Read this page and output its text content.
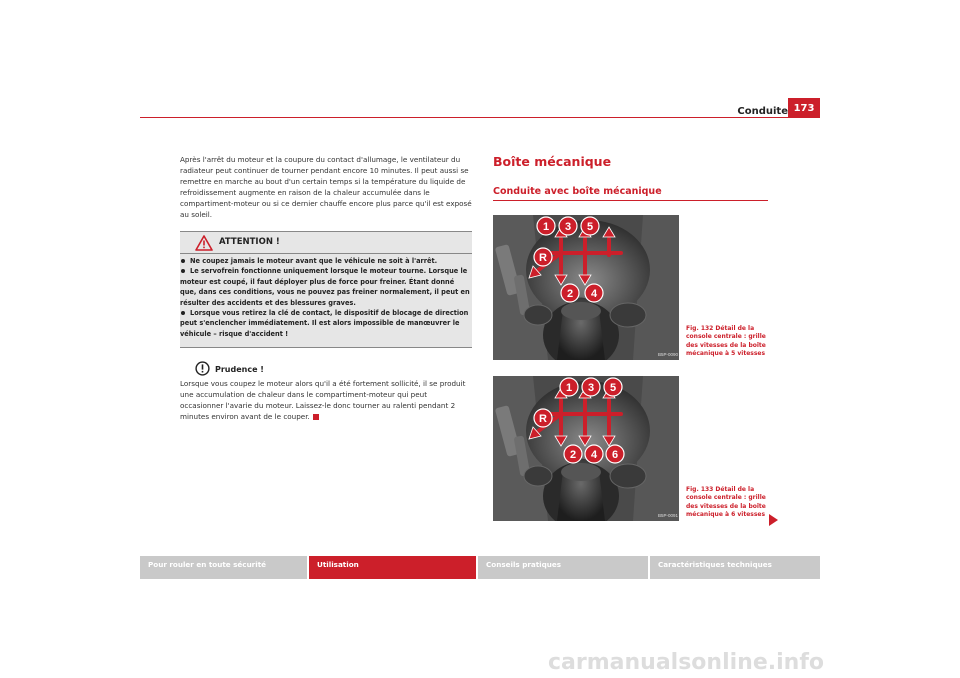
Conduite 173
Après l'arrêt du moteur et la coupure du contact d'allumage, le ventilateur du radiateur peut continuer de tourner pendant encore 10 minutes. Il peut aussi se remettre en marche au bout d'un certain temps si la température du liquide de refroidissement augmente en raison de la chaleur accumulée dans le compartiment-moteur ou si ce dernier chauffe encore plus parce qu'il est exposé au soleil.
ATTENTION !
Ne coupez jamais le moteur avant que le véhicule ne soit à l'arrêt.
Le servofrein fonctionne uniquement lorsque le moteur tourne. Lorsque le moteur est coupé, il faut déployer plus de force pour freiner. Étant donné que, dans ces conditions, vous ne pouvez pas freiner normalement, il peut en résulter des accidents et des blessures graves.
Lorsque vous retirez la clé de contact, le dispositif de blocage de direction peut s'enclencher immédiatement. Il est alors impossible de manœuvrer le véhicule – risque d'accident !
Prudence !
Lorsque vous coupez le moteur alors qu'il a été fortement sollicité, il se produit une accumulation de chaleur dans le compartiment-moteur qui peut occasionner l'avarie du moteur. Laissez-le donc tourner au ralenti pendant 2 minutes environ avant de le couper.
Boîte mécanique
Conduite avec boîte mécanique
1 3 5
R
2 4
B5P-0090
Fig. 132 Détail de la console centrale : grille des vitesses de la boîte mécanique à 5 vitesses
1 3 5
R
2 4 6
B5P-0091
Fig. 133 Détail de la console centrale : grille des vitesses de la boîte mécanique à 6 vitesses
Pour rouler en toute sécurité	Utilisation	Conseils pratiques	Caractéristiques techniques
carmanualsonline.info
